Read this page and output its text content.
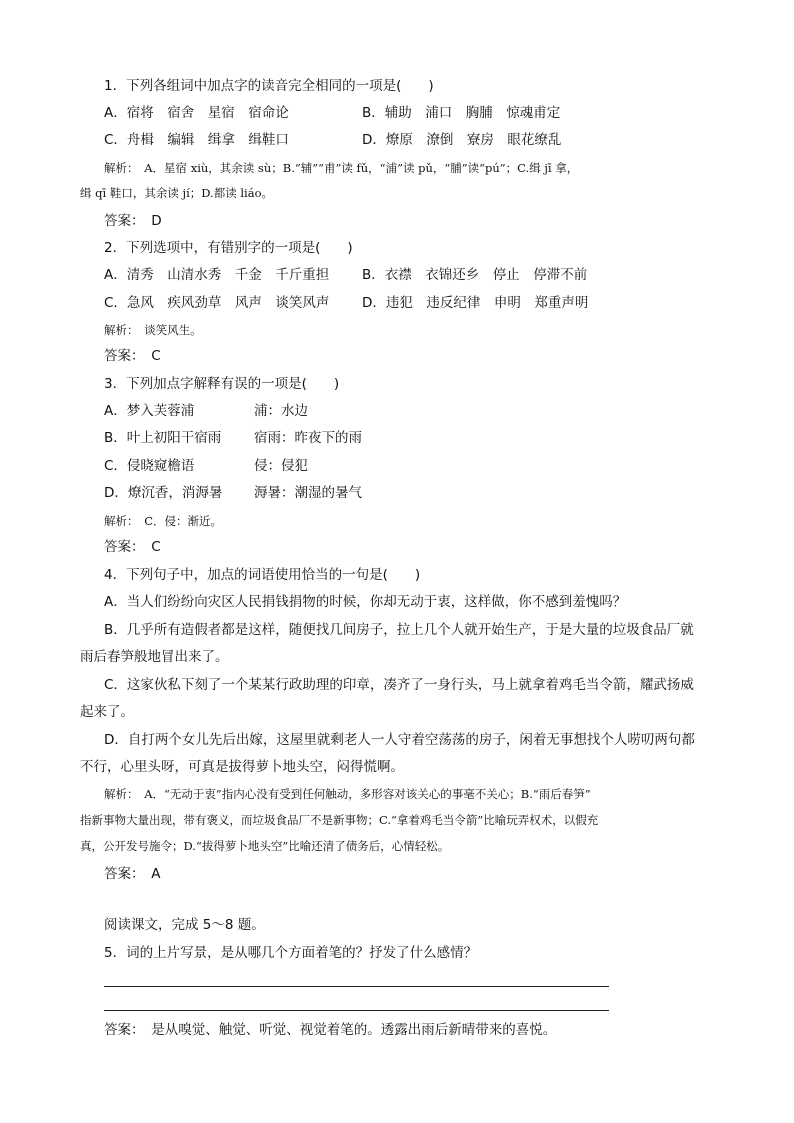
1．下列各组词中加点字的读音完全相同的一项是(　　)
A．宿将　宿舍　星宿　宿命论	B．辅助　浦口　胸脯　惊魂甫定
C．舟楫　编辑　缉拿　缉鞋口	D．燎原　潦倒　寮房　眼花缭乱
解析：　A．星宿 xiù，其余读 sù；B.“辅”“甫”读 fǔ，“浦”读 pǔ，“脯”读“pú”；C.缉 jī 拿，
缉 qī 鞋口，其余读 jí；D.都读 liáo。
答案：　D
2．下列选项中，有错别字的一项是(　　)
A．清秀　山清水秀　千金　千斤重担 B．衣襟　衣锦还乡　停止　停滞不前
C．急风　疾风劲草　风声　谈笑风声 D．违犯　违反纪律　申明　郑重声明
解析：　谈笑风生。
答案：　C
3．下列加点字解释有误的一项是(　　)
A．梦入芙蓉浦	浦：水边
B．叶上初阳干宿雨 宿雨：昨夜下的雨
C．侵晓窥檐语	侵：侵犯
D．燎沉香，消溽暑 溽暑：潮湿的暑气
解析：　C．侵：渐近。
答案：　C
4．下列句子中，加点的词语使用恰当的一句是(　　)
A．当人们纷纷向灾区人民捐钱捐物的时候，你却无动于衷，这样做，你不感到羞愧吗？
B．几乎所有造假者都是这样，随便找几间房子，拉上几个人就开始生产，于是大量的垃圾食品厂就
雨后春笋般地冒出来了。
C．这家伙私下刻了一个某某行政助理的印章，凑齐了一身行头，马上就拿着鸡毛当令箭，耀武扬威
起来了。
D．自打两个女儿先后出嫁，这屋里就剩老人一人守着空荡荡的房子，闲着无事想找个人唠叨两句都
不行，心里头呀，可真是拔得萝卜地头空，闷得慌啊。
解析：　A．“无动于衷”指内心没有受到任何触动，多形容对该关心的事毫不关心；B.“雨后春笋”
指新事物大量出现，带有褒义，而垃圾食品厂不是新事物；C.“拿着鸡毛当令箭”比喻玩弄权术，以假充
真，公开发号施令；D.“拔得萝卜地头空”比喻还清了债务后，心情轻松。
答案：　A
阅读课文，完成 5～8 题。
5．词的上片写景，是从哪几个方面着笔的？抒发了什么感情？
答案：　是从嗅觉、触觉、听觉、视觉着笔的。透露出雨后新晴带来的喜悦。
